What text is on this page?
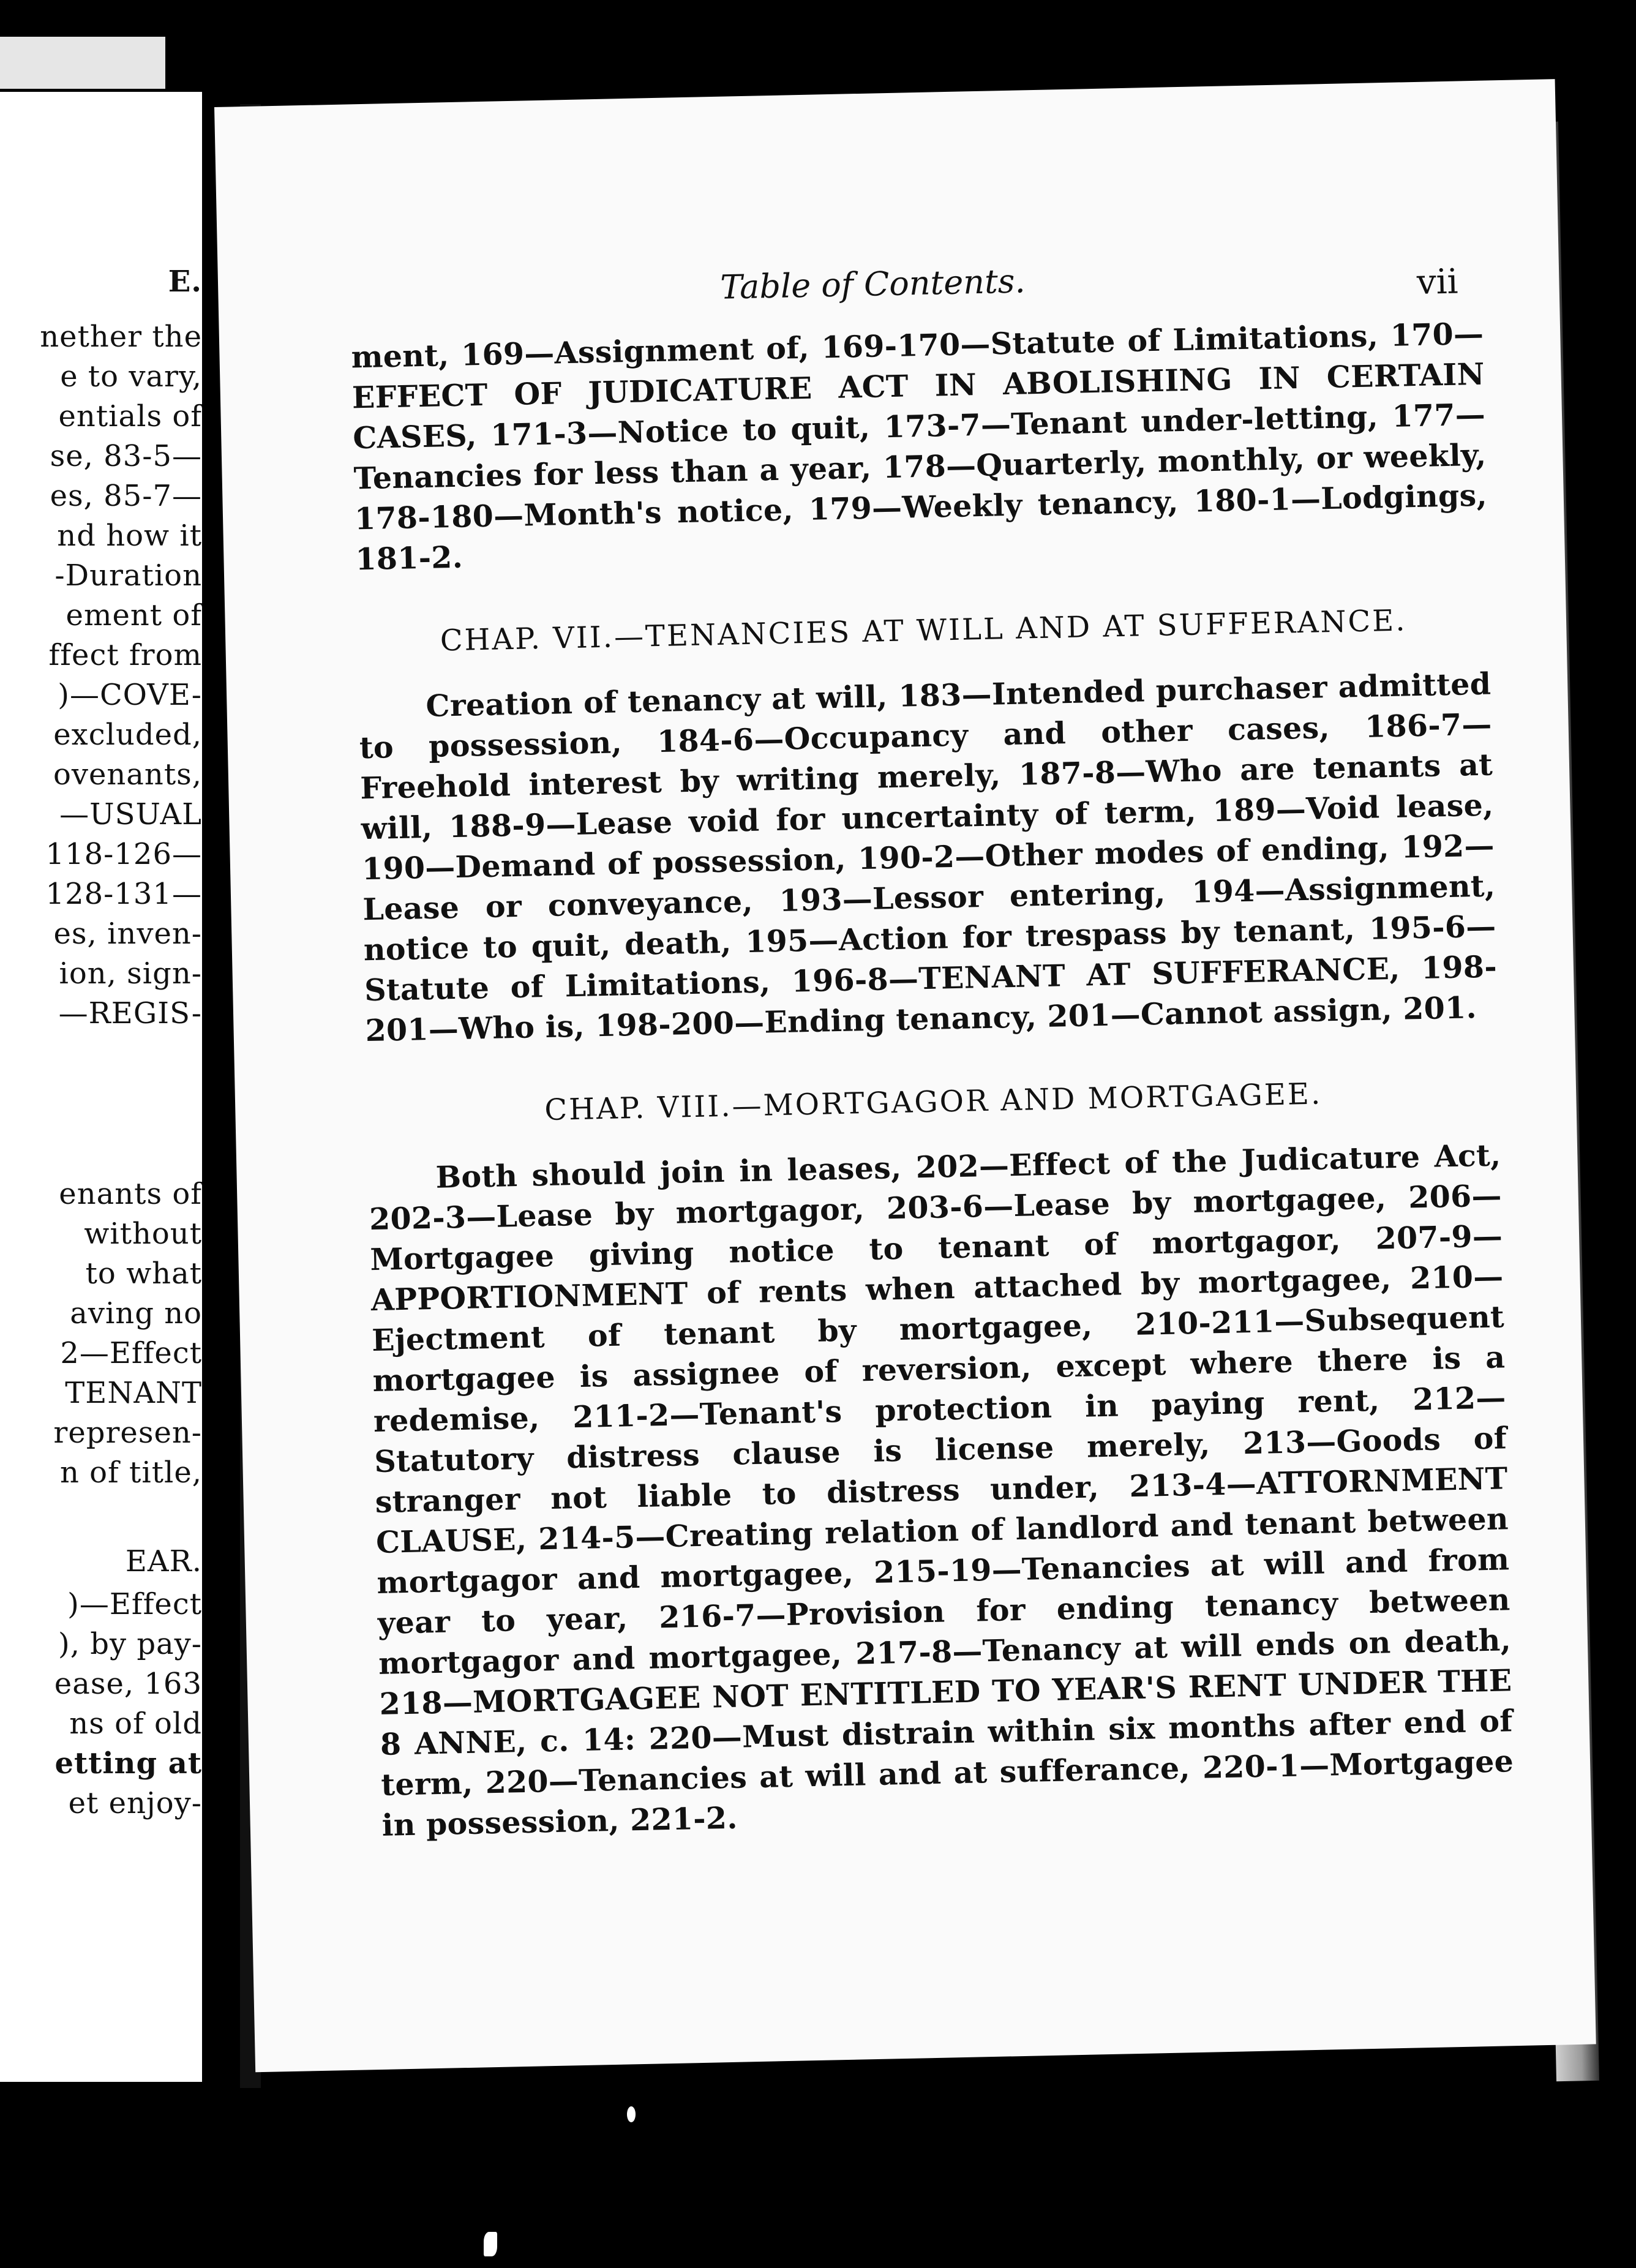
E.
nether the
e to vary,
entials of
se, 83-5—
es, 85-7—
nd how it
-Duration
ement of
ffect from
)—COVE-
excluded,
ovenants,
—USUAL
118-126—
128-131—
es, inven-
ion, sign-
—REGIS-
enants of
without
to what
aving no
2—Effect
TENANT
represen-
n of title,
EAR.
)—Effect
), by pay-
ease, 163
ns of old
etting at
et enjoy-
Table of Contents.	vii

ment, 169—Assignment of, 169-170—Statute of Limitations, 170—EFFECT OF JUDICATURE ACT IN ABOLISHING IN CERTAIN CASES, 171-3—Notice to quit, 173-7—Tenant under-letting, 177—Tenancies for less than a year, 178—Quarterly, monthly, or weekly, 178-180—Month's notice, 179—Weekly tenancy, 180-1—Lodgings, 181-2.

CHAP. VII.—TENANCIES AT WILL AND AT SUFFERANCE.

Creation of tenancy at will, 183—Intended purchaser admitted to possession, 184-6—Occupancy and other cases, 186-7—Freehold interest by writing merely, 187-8—Who are tenants at will, 188-9—Lease void for uncertainty of term, 189—Void lease, 190—Demand of possession, 190-2—Other modes of ending, 192—Lease or conveyance, 193—Lessor entering, 194—Assignment, notice to quit, death, 195—Action for trespass by tenant, 195-6—Statute of Limitations, 196-8—TENANT AT SUFFERANCE, 198-201—Who is, 198-200—Ending tenancy, 201—Cannot assign, 201.

CHAP. VIII.—MORTGAGOR AND MORTGAGEE.

Both should join in leases, 202—Effect of the Judicature Act, 202-3—Lease by mortgagor, 203-6—Lease by mortgagee, 206—Mortgagee giving notice to tenant of mortgagor, 207-9—APPORTIONMENT of rents when attached by mortgagee, 210—Ejectment of tenant by mortgagee, 210-211—Subsequent mortgagee is assignee of reversion, except where there is a redemise, 211-2—Tenant's protection in paying rent, 212—Statutory distress clause is license merely, 213—Goods of stranger not liable to distress under, 213-4—ATTORNMENT CLAUSE, 214-5—Creating relation of landlord and tenant between mortgagor and mortgagee, 215-19—Tenancies at will and from year to year, 216-7—Provision for ending tenancy between mortgagor and mortgagee, 217-8—Tenancy at will ends on death, 218—MORTGAGEE NOT ENTITLED TO YEAR'S RENT UNDER THE 8 ANNE, c. 14: 220—Must distrain within six months after end of term, 220—Tenancies at will and at sufferance, 220-1—Mortgagee in possession, 221-2.
